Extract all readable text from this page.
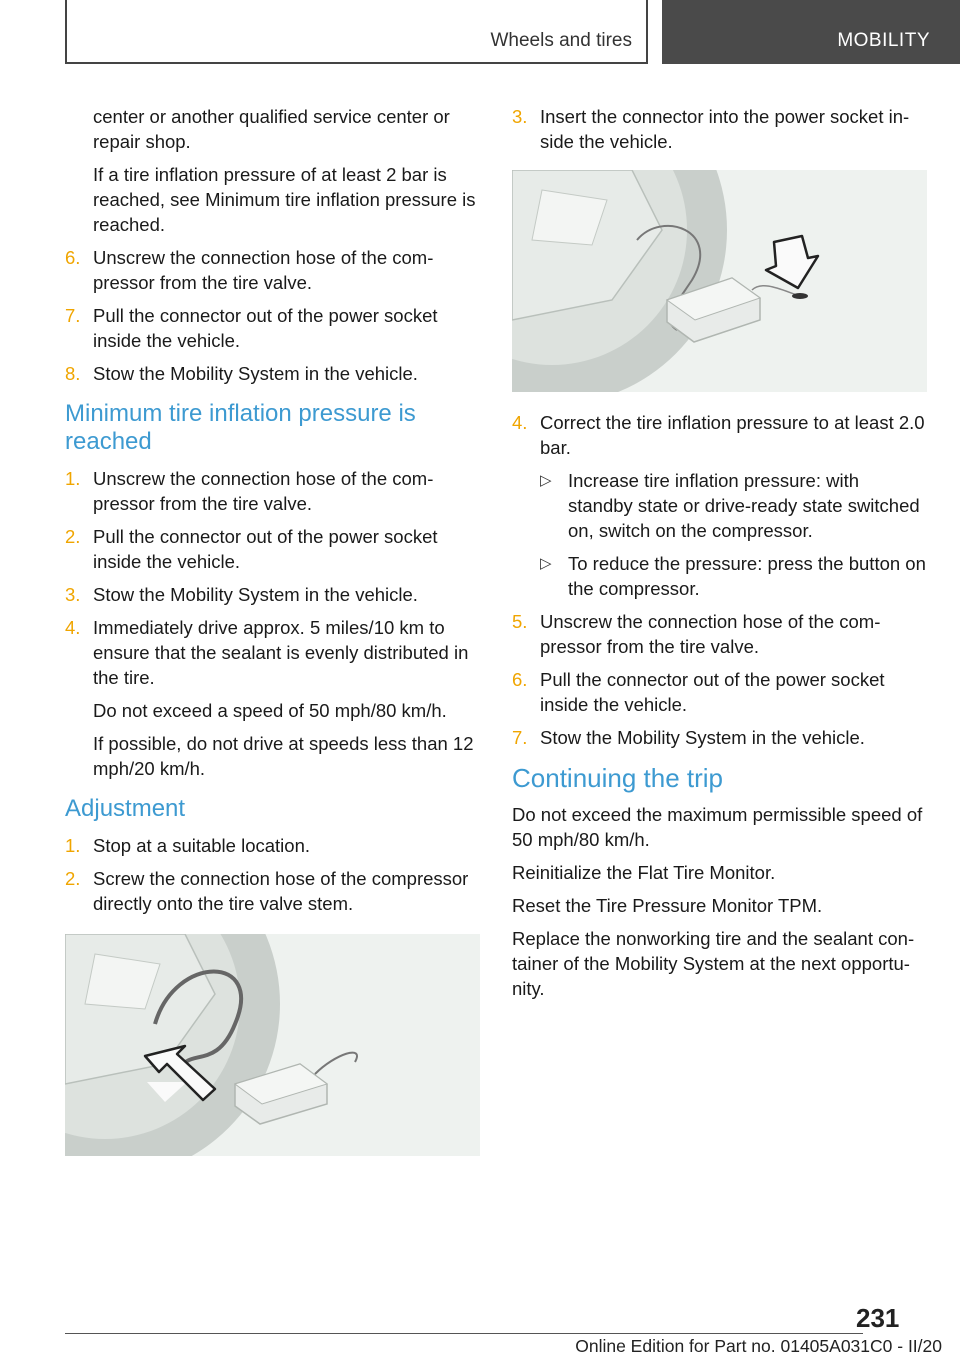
Wheels and tires	MOBILITY

center or another qualified service center or repair shop.

If a tire inflation pressure of at least 2 bar is reached, see Minimum tire inflation pressure is reached.

6. Unscrew the connection hose of the compressor from the tire valve.
7. Pull the connector out of the power socket inside the vehicle.
8. Stow the Mobility System in the vehicle.
Minimum tire inflation pressure is reached
1. Unscrew the connection hose of the compressor from the tire valve.
2. Pull the connector out of the power socket inside the vehicle.
3. Stow the Mobility System in the vehicle.
4. Immediately drive approx. 5 miles/10 km to ensure that the sealant is evenly distributed in the tire.

Do not exceed a speed of 50 mph/80 km/h.

If possible, do not drive at speeds less than 12 mph/20 km/h.

Adjustment
1. Stop at a suitable location.
2. Screw the connection hose of the compressor directly onto the tire valve stem.
3. Insert the connector into the power socket inside the vehicle.
4. Correct the tire inflation pressure to at least 2.0 bar.
▷ Increase tire inflation pressure: with standby state or drive-ready state switched on, switch on the compressor.
▷ To reduce the pressure: press the button on the compressor.
5. Unscrew the connection hose of the compressor from the tire valve.
6. Pull the connector out of the power socket inside the vehicle.
7. Stow the Mobility System in the vehicle.
Continuing the trip

Do not exceed the maximum permissible speed of 50 mph/80 km/h.

Reinitialize the Flat Tire Monitor.

Reset the Tire Pressure Monitor TPM.

Replace the nonworking tire and the sealant container of the Mobility System at the next opportunity.

231
Online Edition for Part no. 01405A031C0 - II/20
